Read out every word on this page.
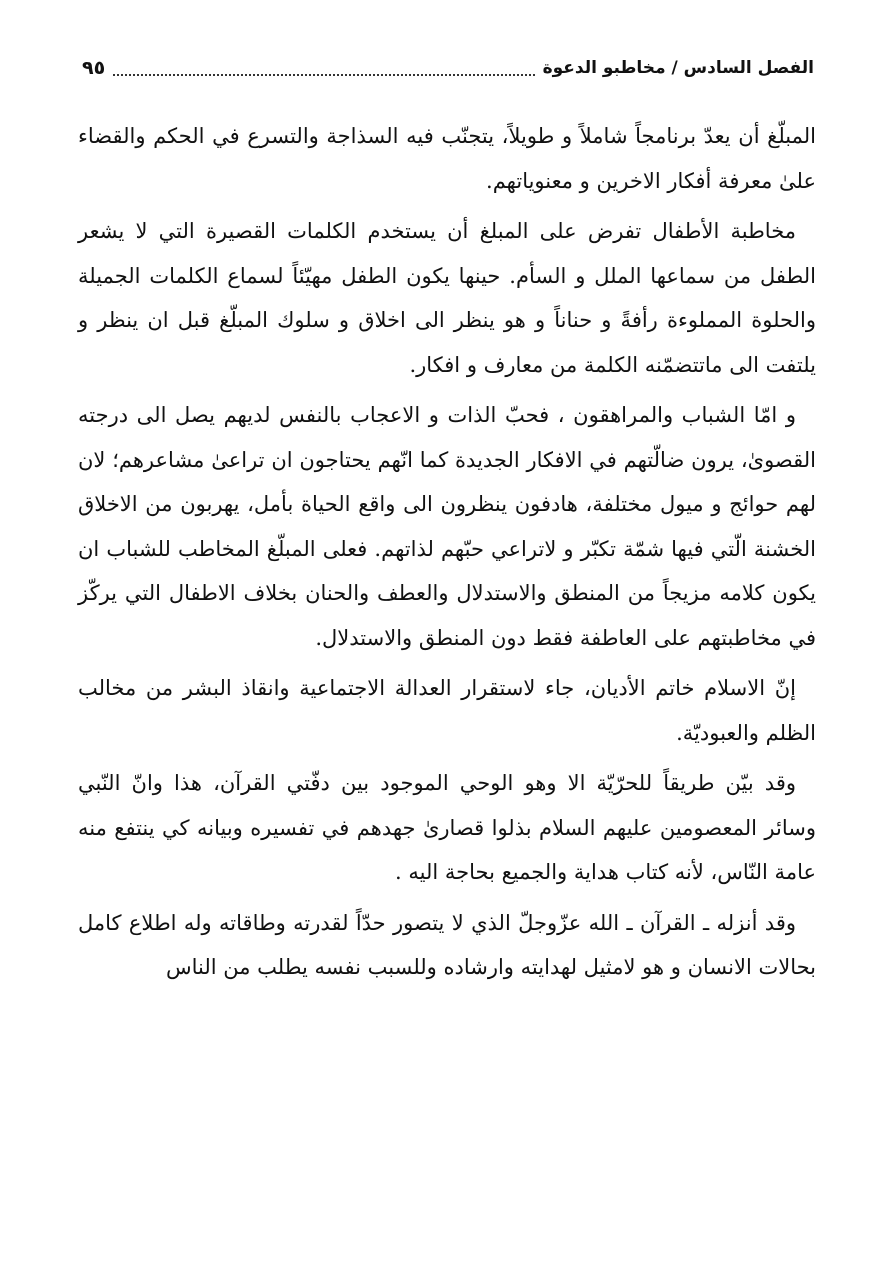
الفصل السادس / مخاطبو الدعوة
٩٥

المبلّغ أن يعدّ برنامجاً شاملاً و طويلاً، يتجنّب فيه السذاجة والتسرع في الحكم والقضاء علىٰ معرفة أفكار الاخرين و معنوياتهم.

مخاطبة الأطفال تفرض على المبلغ أن يستخدم الكلمات القصيرة التي لا يشعر الطفل من سماعها الملل و السأم. حينها يكون الطفل مهيّئاً لسماع الكلمات الجميلة والحلوة المملوءة رأفةً و حناناً و هو ينظر الى اخلاق و سلوك المبلّغ قبل ان ينظر و يلتفت الى ماتتضمّنه الكلمة من معارف و افكار.

و امّا الشباب والمراهقون ، فحبّ الذات و الاعجاب بالنفس لديهم يصل الى درجته القصوىٰ، يرون ضالّتهم في الافكار الجديدة كما انّهم يحتاجون ان تراعىٰ مشاعرهم؛ لان لهم حوائج و ميول مختلفة، هادفون ينظرون الى واقع الحياة بأمل، يهربون من الاخلاق الخشنة الّتي فيها شمّة تكبّر و لاتراعي حبّهم لذاتهم. فعلى المبلّغ المخاطب للشباب ان يكون كلامه مزيجاً من المنطق والاستدلال والعطف والحنان بخلاف الاطفال التي يركّز في مخاطبتهم على العاطفة فقط دون المنطق والاستدلال.

إنّ الاسلام خاتم الأديان، جاء لاستقرار العدالة الاجتماعية وانقاذ البشر من مخالب الظلم والعبوديّة.

وقد بيّن طريقاً للحرّيّة الا وهو الوحي الموجود بين دفّتي القرآن، هذا وانّ النّبي وسائر المعصومين عليهم السلام بذلوا قصارىٰ جهدهم في تفسيره وبيانه كي ينتفع منه عامة النّاس، لأنه كتاب هداية والجميع بحاجة اليه .

وقد أنزله ـ القرآن ـ الله عزّوجلّ الذي لا يتصور حدّاً لقدرته وطاقاته وله اطلاع كامل بحالات الانسان و هو لامثيل لهدايته وارشاده وللسبب نفسه يطلب من الناس
